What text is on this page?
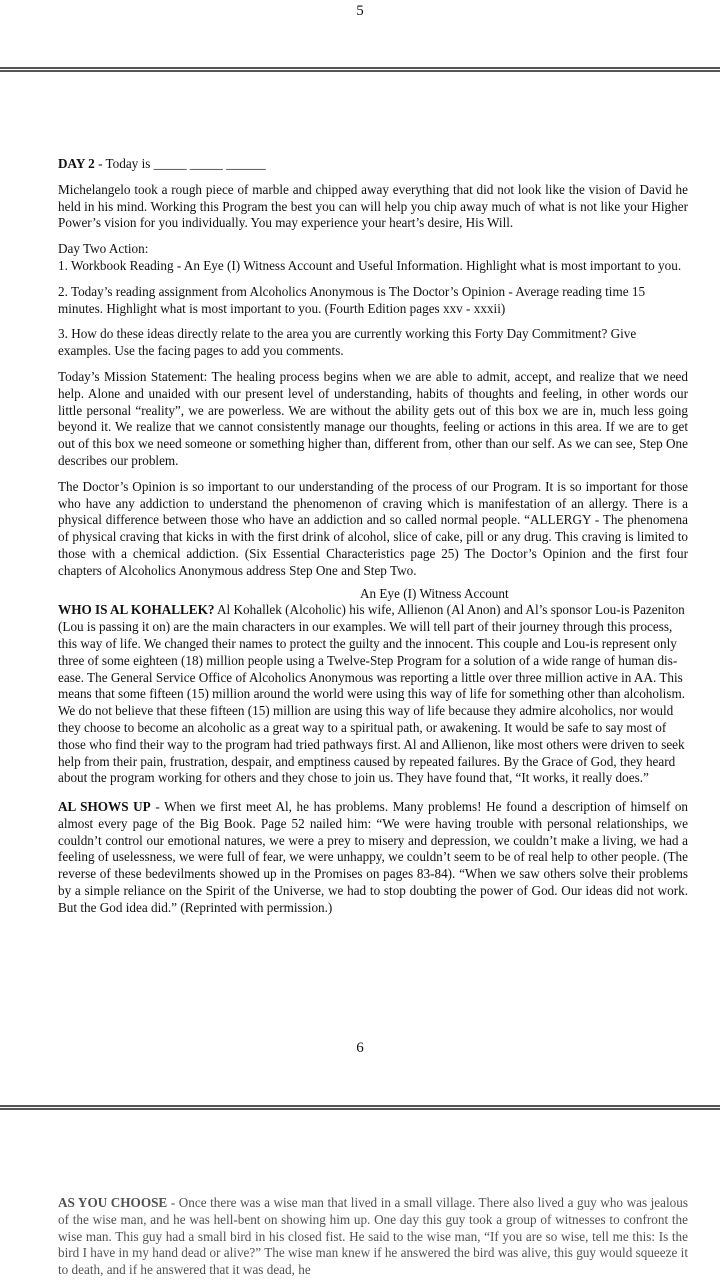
5

DAY 2 - Today is _____ _____ ______

Michelangelo took a rough piece of marble and chipped away everything that did not look like the vision of David he held in his mind. Working this Program the best you can will help you chip away much of what is not like your Higher Power’s vision for you individually. You may experience your heart’s desire, His Will.

Day Two Action:

1. Workbook Reading - An Eye (I) Witness Account and Useful Information. Highlight what is most important to you.

2. Today’s reading assignment from Alcoholics Anonymous is The Doctor’s Opinion - Average reading time 15 minutes. Highlight what is most important to you. (Fourth Edition pages xxv - xxxii)

3. How do these ideas directly relate to the area you are currently working this Forty Day Commitment? Give examples. Use the facing pages to add you comments.

Today’s Mission Statement: The healing process begins when we are able to admit, accept, and realize that we need help. Alone and unaided with our present level of understanding, habits of thoughts and feeling, in other words our little personal “reality”, we are powerless. We are without the ability gets out of this box we are in, much less going beyond it. We realize that we cannot consistently manage our thoughts, feeling or actions in this area. If we are to get out of this box we need someone or something higher than, different from, other than our self. As we can see, Step One describes our problem.

The Doctor’s Opinion is so important to our understanding of the process of our Program. It is so important for those who have any addiction to understand the phenomenon of craving which is manifestation of an allergy. There is a physical difference between those who have an addiction and so called normal people. “ALLERGY - The phenomena of physical craving that kicks in with the first drink of alcohol, slice of cake, pill or any drug. This craving is limited to those with a chemical addiction. (Six Essential Characteristics page 25) The Doctor’s Opinion and the first four chapters of Alcoholics Anonymous address Step One and Step Two.

An Eye (I) Witness Account

WHO IS AL KOHALLEK? Al Kohallek (Alcoholic) his wife, Allienon (Al Anon) and Al’s sponsor Lou-is Pazeniton (Lou is passing it on) are the main characters in our examples. We will tell part of their journey through this process, this way of life. We changed their names to protect the guilty and the innocent. This couple and Lou-is represent only three of some eighteen (18) million people using a Twelve-Step Program for a solution of a wide range of human dis-ease. The General Service Office of Alcoholics Anonymous was reporting a little over three million active in AA. This means that some fifteen (15) million around the world were using this way of life for something other than alcoholism. We do not believe that these fifteen (15) million are using this way of life because they admire alcoholics, nor would they choose to become an alcoholic as a great way to a spiritual path, or awakening. It would be safe to say most of those who find their way to the program had tried pathways first. Al and Allienon, like most others were driven to seek help from their pain, frustration, despair, and emptiness caused by repeated failures. By the Grace of God, they heard about the program working for others and they chose to join us. They have found that, “It works, it really does.”

AL SHOWS UP - When we first meet Al, he has problems. Many problems! He found a description of himself on almost every page of the Big Book. Page 52 nailed him: “We were having trouble with personal relationships, we couldn’t control our emotional natures, we were a prey to misery and depression, we couldn’t make a living, we had a feeling of uselessness, we were full of fear, we were unhappy, we couldn’t seem to be of real help to other people. (The reverse of these bedevilments showed up in the Promises on pages 83-84). “When we saw others solve their problems by a simple reliance on the Spirit of the Universe, we had to stop doubting the power of God. Our ideas did not work. But the God idea did.” (Reprinted with permission.)

6

AS YOU CHOOSE - Once there was a wise man that lived in a small village. There also lived a guy who was jealous of the wise man, and he was hell-bent on showing him up. One day this guy took a group of witnesses to confront the wise man. This guy had a small bird in his closed fist. He said to the wise man, “If you are so wise, tell me this: Is the bird I have in my hand dead or alive?” The wise man knew if he answered the bird was alive, this guy would squeeze it to death, and if he answered that it was dead, he
